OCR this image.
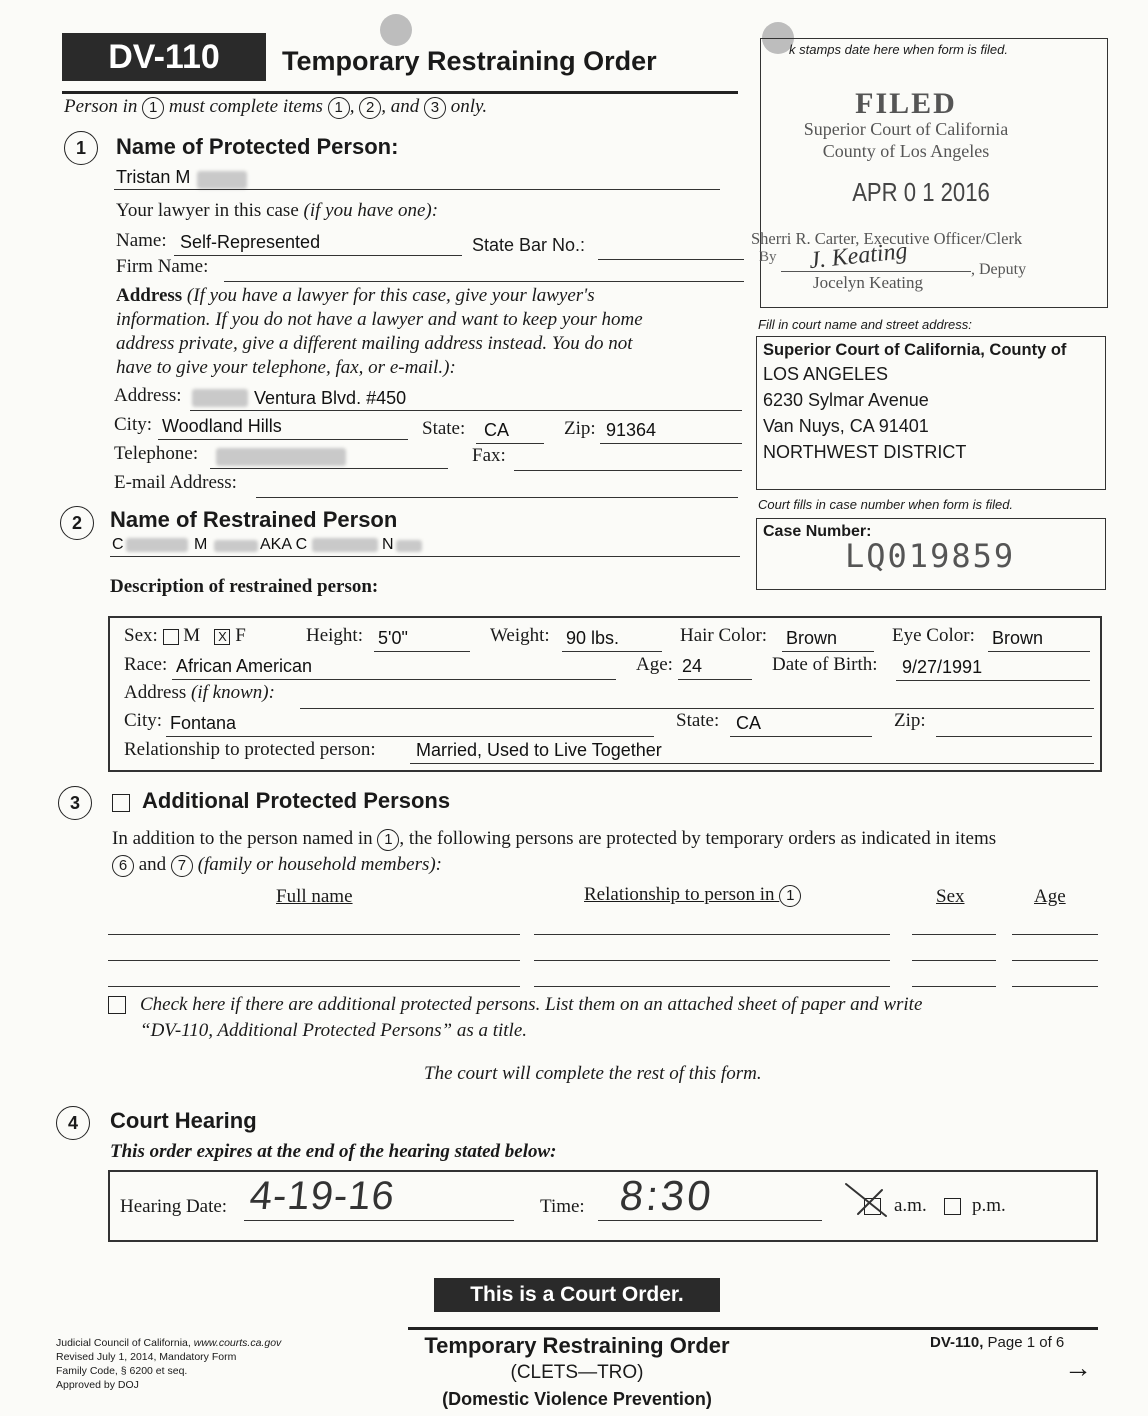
DV-110	Temporary Restraining Order
Person in 1 must complete items 1 , 2 , and 3 only.
k stamps date here when form is filed.
FILED
Superior Court of California
County of Los Angeles
APR 0 1 2016
Sherri R. Carter, Executive Officer/Clerk
By J. Keating	, Deputy
Jocelyn Keating
Fill in court name and street address:
Superior Court of California, County of
LOS ANGELES
6230 Sylmar Avenue
Van Nuys, CA 91401
NORTHWEST DISTRICT
Court fills in case number when form is filed.
Case Number:
LQ019859
1	Name of Protected Person:
Tristan M
Your lawyer in this case (if you have one):
Name: Self-Represented	State Bar No.:
Firm Name:
Address (If you have a lawyer for this case, give your lawyer's
information. If you do not have a lawyer and want to keep your home
address private, give a different mailing address instead. You do not
have to give your telephone, fax, or e-mail.):
Address:	Ventura Blvd. #450
City: Woodland Hills	State: CA	Zip: 91364
Telephone:	Fax:
E-mail Address:
2	Name of Restrained Person
C	M	AKA C	N
Description of restrained person:
Sex: M X F	Height: 5'0"	Weight: 90 lbs.	Hair Color: Brown	Eye Color: Brown
Race: African American	Age: 24	Date of Birth: 9/27/1991
Address (if known):
City: Fontana	State: CA	Zip:
Relationship to protected person: Married, Used to Live Together
3	Additional Protected Persons
In addition to the person named in 1 , the following persons are protected by temporary orders as indicated in items
6 and 7 (family or household members):
Full name	Relationship to person in 1	Sex	Age
Check here if there are additional protected persons. List them on an attached sheet of paper and write
“DV-110, Additional Protected Persons” as a title.
The court will complete the rest of this form.
4	Court Hearing
This order expires at the end of the hearing stated below:
Hearing Date: 4-19-16	Time: 8:30	a.m. p.m.
This is a Court Order.
Judicial Council of California, www.courts.ca.gov
Revised July 1, 2014, Mandatory Form
Family Code, § 6200 et seq.
Approved by DOJ
Temporary Restraining Order
(CLETS—TRO)
(Domestic Violence Prevention)
DV-110, Page 1 of 6
→
